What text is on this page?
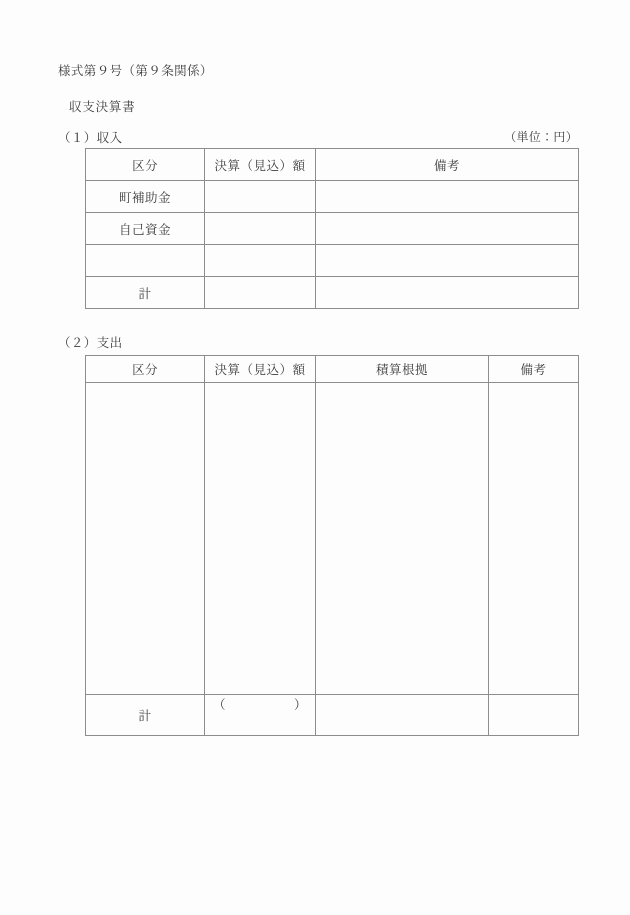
様式第９号（第９条関係）
収支決算書
（１）収入	（単位：円）
区分	決算（見込）額	備考
町補助金		
自己資金		

計		
（２）支出
区分	決算（見込）額	積算根拠	備考

計	（ ）		
